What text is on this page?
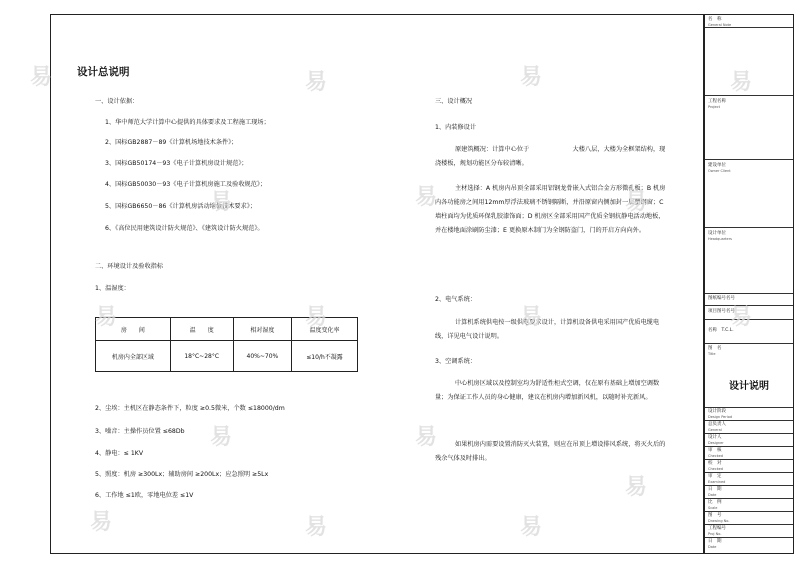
设计总说明
一、设计依据：
1、华中师范大学计算中心提供的具体要求及工程施工现场；
2、国标GB2887－89《计算机场地技术条件》；
3、国标GB50174－93《电子计算机房设计规范》；
4、国标GB50030－93《电子计算机房施工及验收规范》；
5、国标GB6650－86《计算机房活动地板技术要求》；
6、《高位民用建筑设计防火规范》、《建筑设计防火规范》。
二、环境设计及验收指标
1、温湿度：
房　　间	温　　度	相对湿度	温度变化率
机房内全部区域	18°C~28°C	40%~70%	≤10/h不凝露
2、尘埃：主机区在静态条件下，粒度 ≥0.5微米，个数 ≤18000/dm
3、噪音：主操作员位置 ≤68Db
4、静电：≤ 1KV
5、照度：机房 ≥300Lx；辅助房间 ≥200Lx；应急照明 ≥5Lx
6、工作地 ≤1欧，零地电位差 ≤1V
三、设计概况
1、内装修设计
原建筑概况：计算中心位于　　　　　　　大楼八层，大楼为全框架结构，现浇楼板，规划功能区分布较清晰。
主材选择：A 机房内吊顶全部采用铝钢龙骨嵌入式铝合金方形微孔板；B 机房内各功能房之间用12mm厚浮法玻璃不锈钢隔断，并沿原窗内侧加封一层塑钢窗；C 墙柱面均为优质环保乳胶漆饰面；D 机房区全部采用国产优质全钢抗静电活动地板，并在楼地面涂刷防尘漆；E 更换原木制门为全钢防盗门，门的开启方向向外。
2、电气系统：
计算机系统供电按一级供电要求设计，计算机设备供电采用国产优质电缆电线，详见电气设计说明。
3、空调系统：
中心机房区域以及控制室均为舒适性柜式空调，仅在原有基础上增加空调数量；为保证工作人员的身心健康，建议在机房内增加新风机，以随时补充新风。
如果机房内需要设置消防灭火装置，则应在吊顶上增设排风系统，将灭火后的残余气体及时排出。
名　称
General Note
工程名称
Project
建设单位
Owner Client
设计单位
Headquarters
图纸编号名号
项目图号名号
名称　T.C.L.
图　名
Title
设计说明
设计阶段
Design Period
总负责人
General
设计人
Designer
审　核
Checked
校　对
Checked
审　定
Examined
日　期
Date
比　例
Scale
图　号
Drawing No.
工程编号
Proj No.
日　期
Date
易	易	易	易
易	易	易
易	易	易	易
易	易
易
易	易	易
